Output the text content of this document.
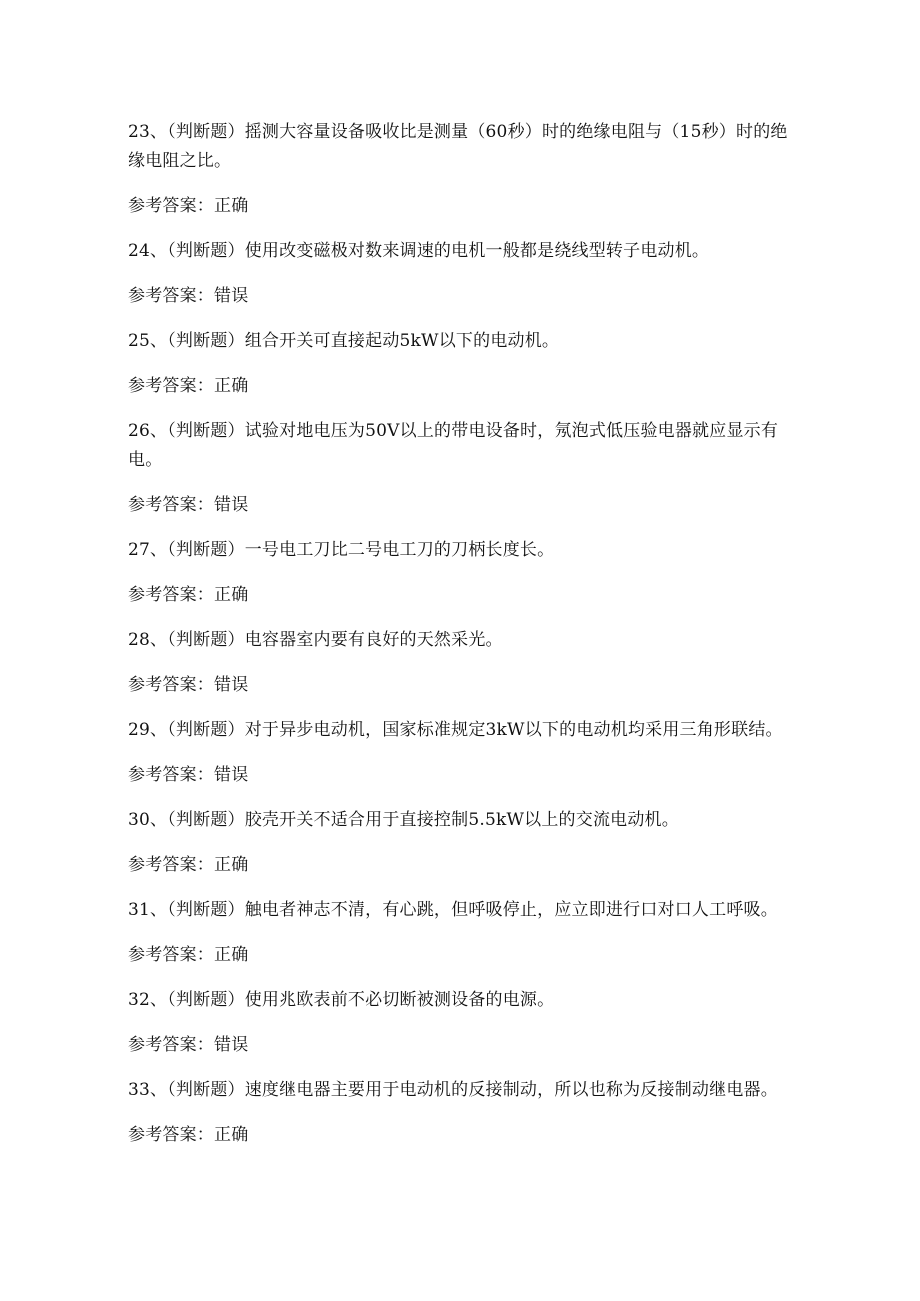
23、（判断题）摇测大容量设备吸收比是测量（60秒）时的绝缘电阻与（15秒）时的绝缘电阻之比。

参考答案：正确

24、（判断题）使用改变磁极对数来调速的电机一般都是绕线型转子电动机。

参考答案：错误

25、（判断题）组合开关可直接起动5kW以下的电动机。

参考答案：正确

26、（判断题）试验对地电压为50V以上的带电设备时，氖泡式低压验电器就应显示有电。

参考答案：错误

27、（判断题）一号电工刀比二号电工刀的刀柄长度长。

参考答案：正确

28、（判断题）电容器室内要有良好的天然采光。

参考答案：错误

29、（判断题）对于异步电动机，国家标准规定3kW以下的电动机均采用三角形联结。

参考答案：错误

30、（判断题）胶壳开关不适合用于直接控制5.5kW以上的交流电动机。

参考答案：正确

31、（判断题）触电者神志不清，有心跳，但呼吸停止，应立即进行口对口人工呼吸。

参考答案：正确

32、（判断题）使用兆欧表前不必切断被测设备的电源。

参考答案：错误

33、（判断题）速度继电器主要用于电动机的反接制动，所以也称为反接制动继电器。

参考答案：正确
